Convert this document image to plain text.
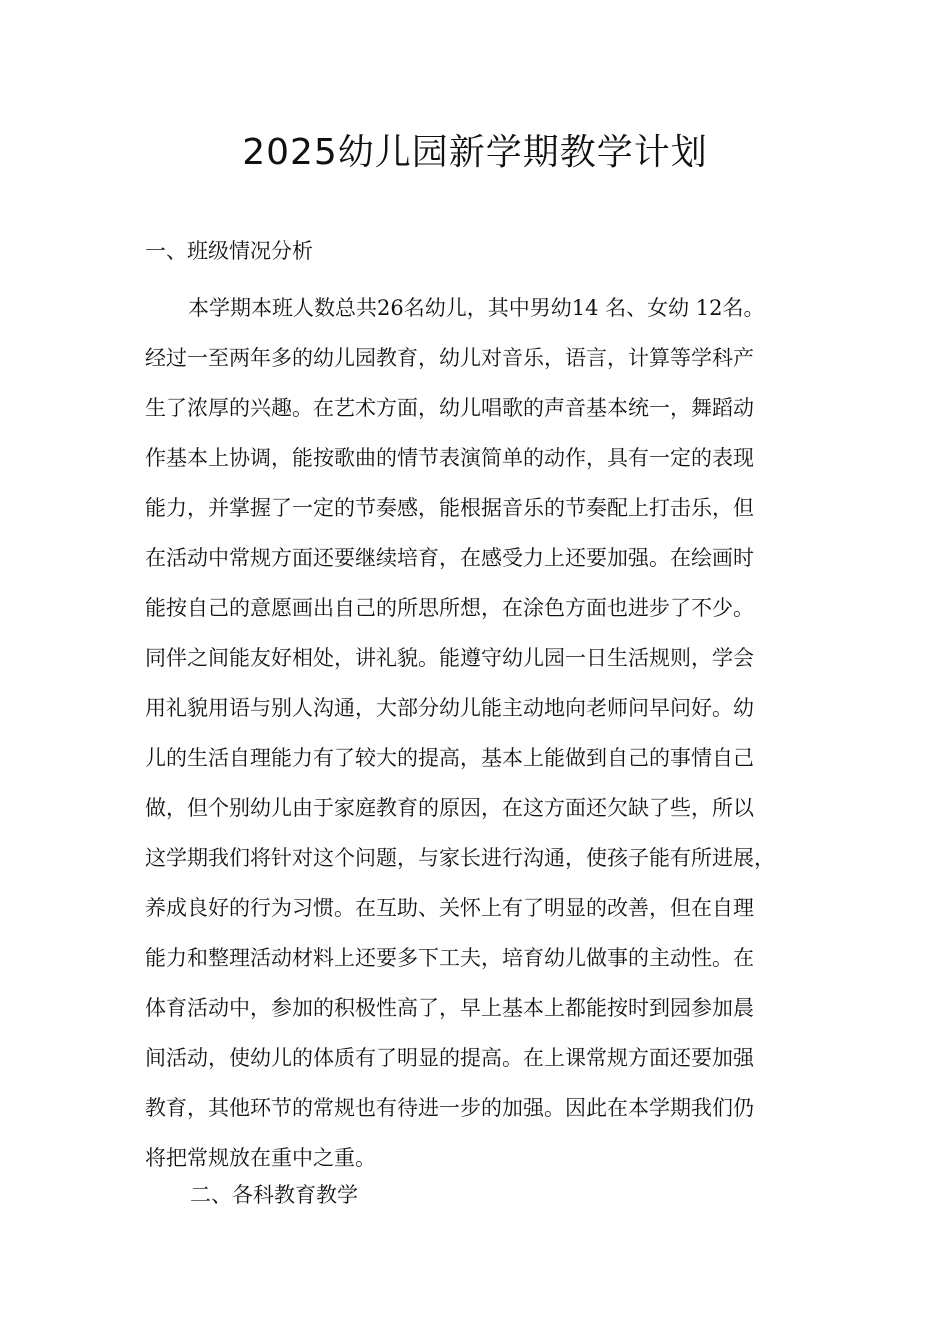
2025幼儿园新学期教学计划
一、班级情况分析
本学期本班人数总共26名幼儿，其中男幼14 名、女幼 12名。
经过一至两年多的幼儿园教育，幼儿对音乐，语言，计算等学科产
生了浓厚的兴趣。在艺术方面，幼儿唱歌的声音基本统一，舞蹈动
作基本上协调，能按歌曲的情节表演简单的动作，具有一定的表现
能力，并掌握了一定的节奏感，能根据音乐的节奏配上打击乐，但
在活动中常规方面还要继续培育，在感受力上还要加强。在绘画时
能按自己的意愿画出自己的所思所想，在涂色方面也进步了不少。
同伴之间能友好相处，讲礼貌。能遵守幼儿园一日生活规则，学会
用礼貌用语与别人沟通，大部分幼儿能主动地向老师问早问好。幼
儿的生活自理能力有了较大的提高，基本上能做到自己的事情自己
做，但个别幼儿由于家庭教育的原因，在这方面还欠缺了些，所以
这学期我们将针对这个问题，与家长进行沟通，使孩子能有所进展，
养成良好的行为习惯。在互助、关怀上有了明显的改善，但在自理
能力和整理活动材料上还要多下工夫，培育幼儿做事的主动性。在
体育活动中，参加的积极性高了，早上基本上都能按时到园参加晨
间活动，使幼儿的体质有了明显的提高。在上课常规方面还要加强
教育，其他环节的常规也有待进一步的加强。因此在本学期我们仍
将把常规放在重中之重。
二、各科教育教学
